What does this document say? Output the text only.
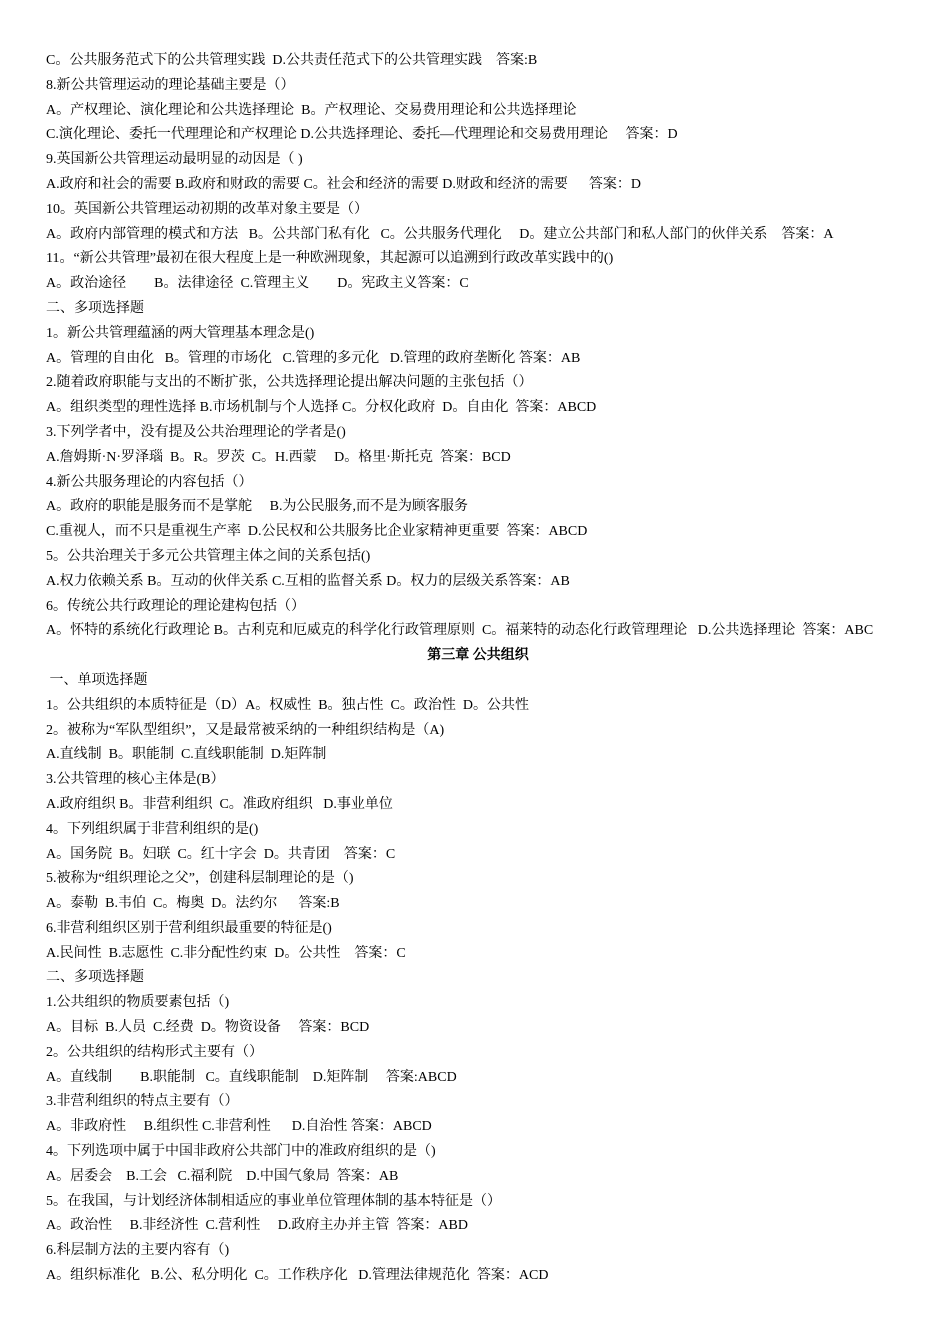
C。公共服务范式下的公共管理实践  D.公共责任范式下的公共管理实践    答案:B
8.新公共管理运动的理论基础主要是（）
A。产权理论、演化理论和公共选择理论  B。产权理论、交易费用理论和公共选择理论
C.演化理论、委托一代理理论和产权理论 D.公共选择理论、委托—代理理论和交易费用理论     答案：D
9.英国新公共管理运动最明显的动因是（ )
A.政府和社会的需要 B.政府和财政的需要 C。社会和经济的需要 D.财政和经济的需要      答案：D
10。英国新公共管理运动初期的改革对象主要是（）
A。政府内部管理的模式和方法   B。公共部门私有化   C。公共服务代理化     D。建立公共部门和私人部门的伙伴关系    答案：A
11。“新公共管理”最初在很大程度上是一种欧洲现象，其起源可以追溯到行政改革实践中的()
A。政治途径        B。法律途径  C.管理主义        D。宪政主义答案：C
二、多项选择题
1。新公共管理蕴涵的两大管理基本理念是()
A。管理的自由化   B。管理的市场化   C.管理的多元化   D.管理的政府垄断化 答案：AB
2.随着政府职能与支出的不断扩张，公共选择理论提出解决问题的主张包括（）
A。组织类型的理性选择 B.市场机制与个人选择 C。分权化政府  D。自由化  答案：ABCD
3.下列学者中，没有提及公共治理理论的学者是()
A.詹姆斯·N·罗泽瑙  B。R。罗茨  C。H.西蒙     D。格里·斯托克  答案：BCD
4.新公共服务理论的内容包括（）
A。政府的职能是服务而不是掌舵     B.为公民服务,而不是为顾客服务
C.重视人，而不只是重视生产率  D.公民权和公共服务比企业家精神更重要  答案：ABCD
5。公共治理关于多元公共管理主体之间的关系包括()
A.权力依赖关系 B。互动的伙伴关系 C.互相的监督关系 D。权力的层级关系答案：AB
6。传统公共行政理论的理论建构包括（）
A。怀特的系统化行政理论 B。古利克和厄威克的科学化行政管理原则  C。福莱特的动态化行政管理理论   D.公共选择理论  答案：ABC
第三章 公共组织
一、单项选择题
1。公共组织的本质特征是（D）A。权威性  B。独占性  C。政治性  D。公共性
2。被称为“军队型组织”，又是最常被采纳的一种组织结构是（A)
A.直线制  B。职能制  C.直线职能制  D.矩阵制
3.公共管理的核心主体是(B）
A.政府组织 B。非营利组织  C。准政府组织   D.事业单位
4。下列组织属于非营利组织的是()
A。国务院  B。妇联  C。红十字会  D。共青团    答案：C
5.被称为“组织理论之父”，创建科层制理论的是（)
A。泰勒  B.韦伯  C。梅奥  D。法约尔      答案:B
6.非营利组织区别于营利组织最重要的特征是()
A.民间性  B.志愿性  C.非分配性约束  D。公共性    答案：C
二、多项选择题
1.公共组织的物质要素包括（)
A。目标  B.人员  C.经费  D。物资设备     答案：BCD
2。公共组织的结构形式主要有（）
A。直线制        B.职能制   C。直线职能制    D.矩阵制     答案:ABCD
3.非营利组织的特点主要有（）
A。非政府性     B.组织性 C.非营利性      D.自治性 答案：ABCD
4。下列选项中属于中国非政府公共部门中的准政府组织的是（)
A。居委会    B.工会   C.福利院    D.中国气象局  答案：AB
5。在我国，与计划经济体制相适应的事业单位管理体制的基本特征是（）
A。政治性     B.非经济性  C.营利性     D.政府主办并主管  答案：ABD
6.科层制方法的主要内容有（)
A。组织标准化   B.公、私分明化  C。工作秩序化   D.管理法律规范化  答案：ACD
